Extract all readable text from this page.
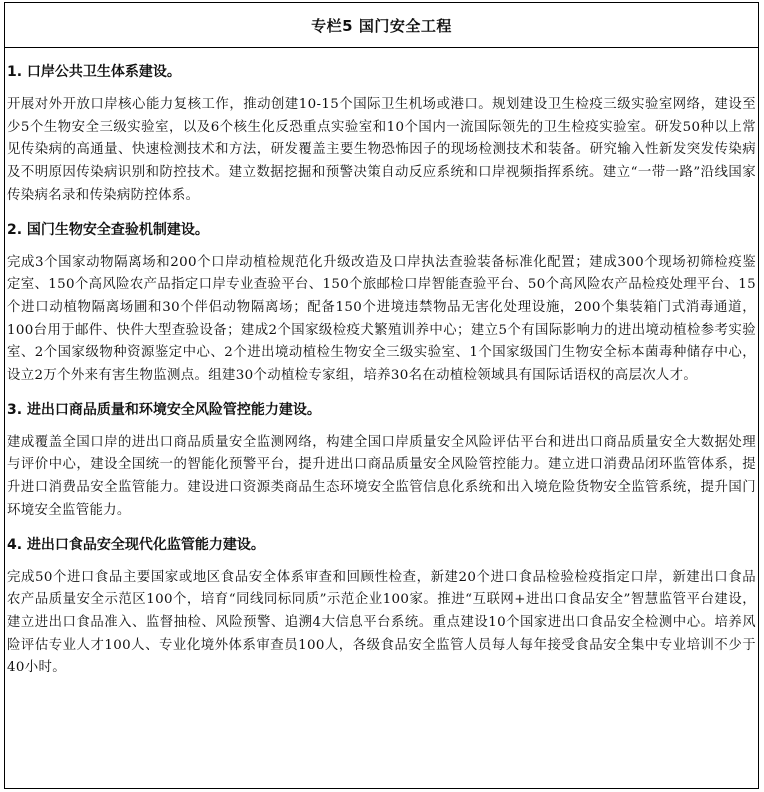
专栏5 国门安全工程
1. 口岸公共卫生体系建设。

开展对外开放口岸核心能力复核工作，推动创建10-15个国际卫生机场或港口。规划建设卫生检疫三级实验室网络，建设至少5个生物安全三级实验室，以及6个核生化反恐重点实验室和10个国内一流国际领先的卫生检疫实验室。研发50种以上常见传染病的高通量、快速检测技术和方法，研发覆盖主要生物恐怖因子的现场检测技术和装备。研究输入性新发突发传染病及不明原因传染病识别和防控技术。建立数据挖掘和预警决策自动反应系统和口岸视频指挥系统。建立“一带一路”沿线国家传染病名录和传染病防控体系。

2. 国门生物安全查验机制建设。

完成3个国家动物隔离场和200个口岸动植检规范化升级改造及口岸执法查验装备标准化配置；建成300个现场初筛检疫鉴定室、150个高风险农产品指定口岸专业查验平台、150个旅邮检口岸智能查验平台、50个高风险农产品检疫处理平台、15个进口动植物隔离场圃和30个伴侣动物隔离场；配备150个进境违禁物品无害化处理设施，200个集装箱门式消毒通道，100台用于邮件、快件大型查验设备；建成2个国家级检疫犬繁殖训养中心；建立5个有国际影响力的进出境动植检参考实验室、2个国家级物种资源鉴定中心、2个进出境动植检生物安全三级实验室、1个国家级国门生物安全标本菌毒种储存中心，设立2万个外来有害生物监测点。组建30个动植检专家组，培养30名在动植检领域具有国际话语权的高层次人才。

3. 进出口商品质量和环境安全风险管控能力建设。

建成覆盖全国口岸的进出口商品质量安全监测网络，构建全国口岸质量安全风险评估平台和进出口商品质量安全大数据处理与评价中心，建设全国统一的智能化预警平台，提升进出口商品质量安全风险管控能力。建立进口消费品闭环监管体系，提升进口消费品安全监管能力。建设进口资源类商品生态环境安全监管信息化系统和出入境危险货物安全监管系统，提升国门环境安全监管能力。

4. 进出口食品安全现代化监管能力建设。

完成50个进口食品主要国家或地区食品安全体系审查和回顾性检查，新建20个进口食品检验检疫指定口岸，新建出口食品农产品质量安全示范区100个，培育“同线同标同质”示范企业100家。推进“互联网+进出口食品安全”智慧监管平台建设，建立进出口食品准入、监督抽检、风险预警、追溯4大信息平台系统。重点建设10个国家进出口食品安全检测中心。培养风险评估专业人才100人、专业化境外体系审查员100人，各级食品安全监管人员每人每年接受食品安全集中专业培训不少于40小时。
